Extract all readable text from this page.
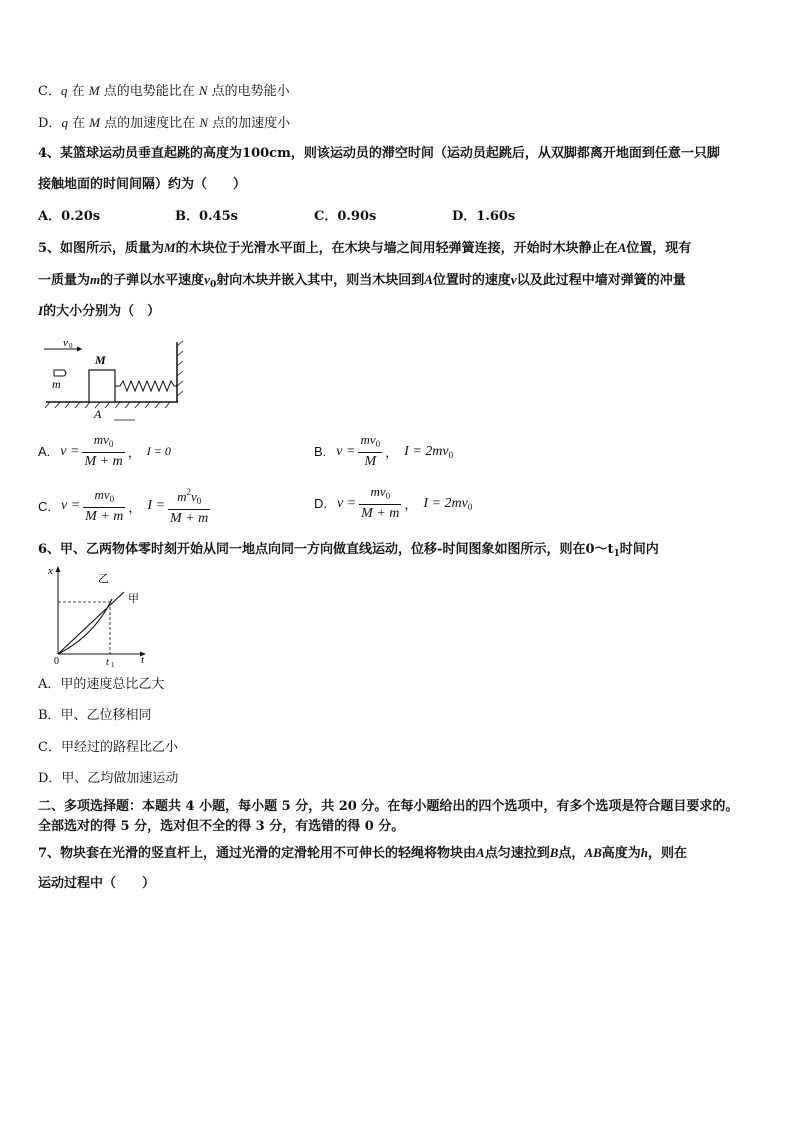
C．q 在 M 点的电势能比在 N 点的电势能小
D．q 在 M 点的加速度比在 N 点的加速度小
4、某篮球运动员垂直起跳的高度为100cm，则该运动员的滞空时间（运动员起跳后，从双脚都离开地面到任意一只脚
接触地面的时间间隔）约为（　　）
A．0.20s	B．0.45s	C．0.90s	D．1.60s
5、如图所示，质量为M的木块位于光滑水平面上，在木块与墙之间用轻弹簧连接，开始时木块静止在A位置，现有
一质量为m的子弹以水平速度$v_0$射向木块并嵌入其中，则当木块回到A位置时的速度v以及此过程中墙对弹簧的冲量
I的大小分别为（　）
v 0
M
m
A
A. $v = \frac{mv_0}{M + m}$ ， I = 0	B. $v = \frac{mv_0}{M}$ ， $I = 2mv_0$
C. $v = \frac{mv_0}{M + m}$ ， $I = \frac{m^2v_0}{M + m}$	D. $v = \frac{mv_0}{M + m}$ ， $I = 2mv_0$
6、甲、乙两物体零时刻开始从同一地点向同一方向做直线运动，位移-时间图象如图所示，则在$0\sim t_1$时间内
x
t
0	t 1
乙
甲
A．甲的速度总比乙大
B．甲、乙位移相同
C．甲经过的路程比乙小
D．甲、乙均做加速运动
二、多项选择题：本题共 4 小题，每小题 5 分，共 20 分。在每小题给出的四个选项中，有多个选项是符合题目要求的。
全部选对的得 5 分，选对但不全的得 3 分，有选错的得 0 分。
7、物块套在光滑的竖直杆上，通过光滑的定滑轮用不可伸长的轻绳将物块由A点匀速拉到B点，AB高度为h，则在
运动过程中（　　）
